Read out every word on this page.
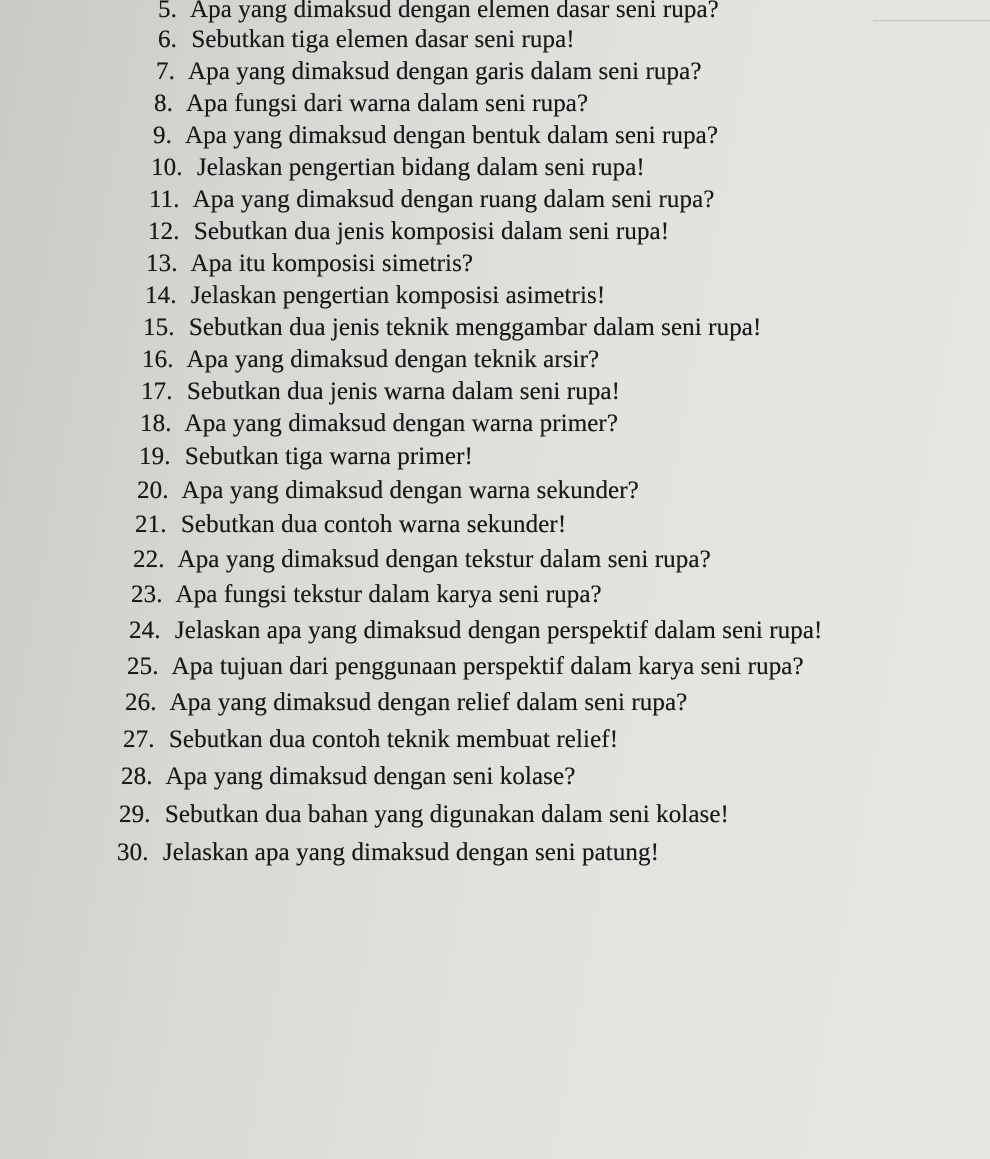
⎯⎯⎯⎯⎯⎯⎯⎯⎯
5. Apa yang dimaksud dengan elemen dasar seni rupa?
6. Sebutkan tiga elemen dasar seni rupa!
7. Apa yang dimaksud dengan garis dalam seni rupa?
8. Apa fungsi dari warna dalam seni rupa?
9. Apa yang dimaksud dengan bentuk dalam seni rupa?
10. Jelaskan pengertian bidang dalam seni rupa!
11. Apa yang dimaksud dengan ruang dalam seni rupa?
12. Sebutkan dua jenis komposisi dalam seni rupa!
13. Apa itu komposisi simetris?
14. Jelaskan pengertian komposisi asimetris!
15. Sebutkan dua jenis teknik menggambar dalam seni rupa!
16. Apa yang dimaksud dengan teknik arsir?
17. Sebutkan dua jenis warna dalam seni rupa!
18. Apa yang dimaksud dengan warna primer?
19. Sebutkan tiga warna primer!
20. Apa yang dimaksud dengan warna sekunder?
21. Sebutkan dua contoh warna sekunder!
22. Apa yang dimaksud dengan tekstur dalam seni rupa?
23. Apa fungsi tekstur dalam karya seni rupa?
24. Jelaskan apa yang dimaksud dengan perspektif dalam seni rupa!
25. Apa tujuan dari penggunaan perspektif dalam karya seni rupa?
26. Apa yang dimaksud dengan relief dalam seni rupa?
27. Sebutkan dua contoh teknik membuat relief!
28. Apa yang dimaksud dengan seni kolase?
29. Sebutkan dua bahan yang digunakan dalam seni kolase!
30. Jelaskan apa yang dimaksud dengan seni patung!
